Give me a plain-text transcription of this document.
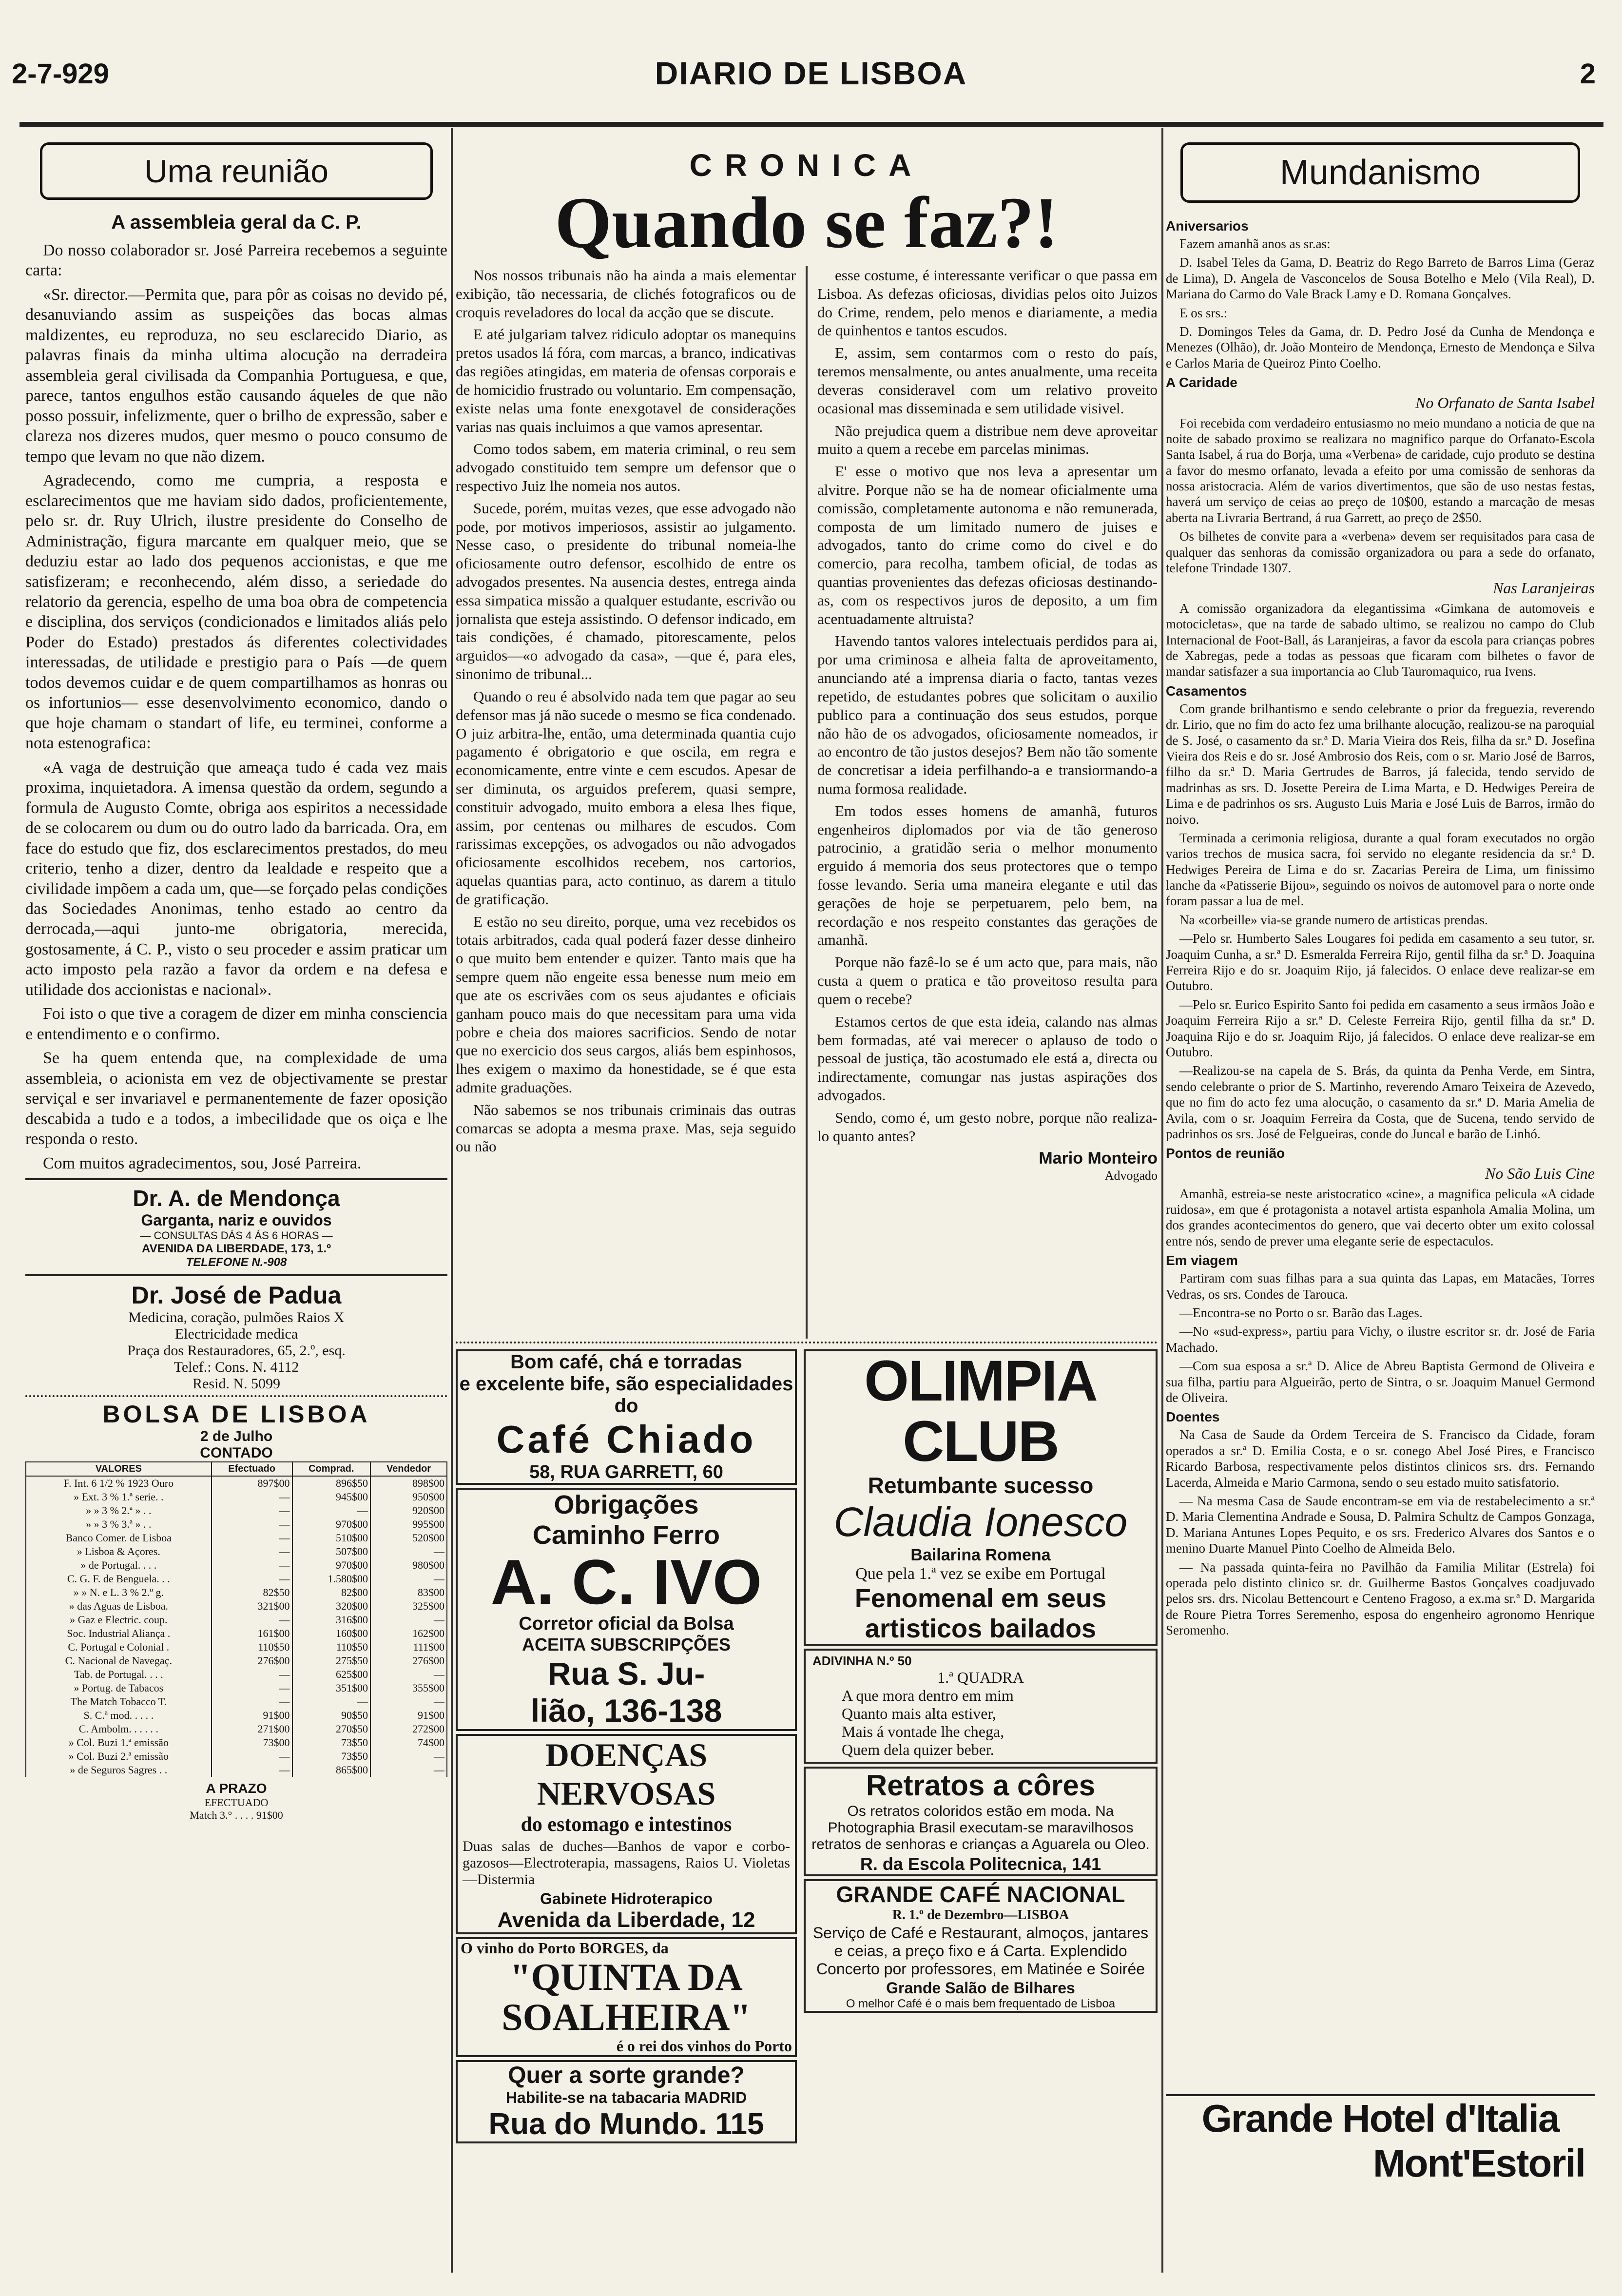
2-7-929	DIARIO DE LISBOA	2
Uma reunião
A assembleia geral da C. P.

Do nosso colaborador sr. José Parreira recebemos a seguinte carta:

«Sr. director.—Permita que, para pôr as coisas no devido pé, desanuviando assim as suspeições das bocas almas maldizentes, eu reproduza, no seu esclarecido Diario, as palavras finais da minha ultima alocução na derradeira assembleia geral civilisada da Companhia Portuguesa, e que, parece, tantos engulhos estão causando áqueles de que não posso possuir, infelizmente, quer o brilho de expressão, saber e clareza nos dizeres mudos, quer mesmo o pouco consumo de tempo que levam no que não dizem.

Agradecendo, como me cumpria, a resposta e esclarecimentos que me haviam sido dados, proficientemente, pelo sr. dr. Ruy Ulrich, ilustre presidente do Conselho de Administração, figura marcante em qualquer meio, que se deduziu estar ao lado dos pequenos accionistas, e que me satisfizeram; e reconhecendo, além disso, a seriedade do relatorio da gerencia, espelho de uma boa obra de competencia e disciplina, dos serviços (condicionados e limitados aliás pelo Poder do Estado) prestados ás diferentes colectividades interessadas, de utilidade e prestigio para o País —de quem todos devemos cuidar e de quem compartilhamos as honras ou os infortunios— esse desenvolvimento economico, dando o que hoje chamam o standart of life, eu terminei, conforme a nota estenografica:

«A vaga de destruição que ameaça tudo é cada vez mais proxima, inquietadora. A imensa questão da ordem, segundo a formula de Augusto Comte, obriga aos espiritos a necessidade de se colocarem ou dum ou do outro lado da barricada. Ora, em face do estudo que fiz, dos esclarecimentos prestados, do meu criterio, tenho a dizer, dentro da lealdade e respeito que a civilidade impõem a cada um, que—se forçado pelas condições das Sociedades Anonimas, tenho estado ao centro da derrocada,—aqui junto-me obrigatoria, merecida, gostosamente, á C. P., visto o seu proceder e assim praticar um acto imposto pela razão a favor da ordem e na defesa e utilidade dos accionistas e nacional».

Foi isto o que tive a coragem de dizer em minha consciencia e entendimento e o confirmo.

Se ha quem entenda que, na complexidade de uma assembleia, o acionista em vez de objectivamente se prestar serviçal e ser invariavel e permanentemente de fazer oposição descabida a tudo e a todos, a imbecilidade que os oiça e lhe responda o resto.

Com muitos agradecimentos, sou, José Parreira.

Dr. A. de Mendonça
Garganta, nariz e ouvidos
— CONSULTAS DÁS 4 ÁS 6 HORAS —
AVENIDA DA LIBERDADE, 173, 1.º
TELEFONE N.-908
Dr. José de Padua
Medicina, coração, pulmões Raios X
Electricidade medica
Praça dos Restauradores, 65, 2.º, esq.
Telef.: Cons. N. 4112
Resid. N. 5099
BOLSA DE LISBOA
2 de Julho
CONTADO
VALORES	Efectuado	Comprad.	Vendedor
F. Int. 6 1/2 % 1923 Ouro	897$00	896$50	898$00
» Ext. 3 % 1.ª serie. .	—	945$00	950$00
» » 3 % 2.ª » . .	—	—	920$00
» » 3 % 3.ª » . .	—	970$00	995$00
Banco Comer. de Lisboa	—	510$00	520$00
» Lisboa & Açores.	—	507$00	—
» de Portugal. . . .	—	970$00	980$00
C. G. F. de Benguela. . .	—	1.580$00	—
» » N. e L. 3 % 2.º g.	82$50	82$00	83$00
» das Aguas de Lisboa.	321$00	320$00	325$00
» Gaz e Electric. coup.	—	316$00	—
Soc. Industrial Aliança .	161$00	160$00	162$00
C. Portugal e Colonial .	110$50	110$50	111$00
C. Nacional de Navegaç.	276$00	275$50	276$00
Tab. de Portugal. . . .	—	625$00	—
» Portug. de Tabacos	—	351$00	355$00
The Match Tobacco T.	—	—	—
S. C.ª mod. . . . .	91$00	90$50	91$00
C. Ambolm. . . . . .	271$00	270$50	272$00
» Col. Buzi 1.ª emissão	73$00	73$50	74$00
» Col. Buzi 2.ª emissão	—	73$50	—
» de Seguros Sagres . .	—	865$00	—
A PRAZO
EFECTUADO
Match 3.° . . . . 91$00
CRONICA
Quando se faz?!

Nos nossos tribunais não ha ainda a mais elementar exibição, tão necessaria, de clichés fotograficos ou de croquis reveladores do local da acção que se discute.

E até julgariam talvez ridiculo adoptar os manequins pretos usados lá fóra, com marcas, a branco, indicativas das regiões atingidas, em materia de ofensas corporais e de homicidio frustrado ou voluntario. Em compensação, existe nelas uma fonte enexgotavel de considerações varias nas quais incluimos a que vamos apresentar.

Como todos sabem, em materia criminal, o reu sem advogado constituido tem sempre um defensor que o respectivo Juiz lhe nomeia nos autos.

Sucede, porém, muitas vezes, que esse advogado não pode, por motivos imperiosos, assistir ao julgamento. Nesse caso, o presidente do tribunal nomeia-lhe oficiosamente outro defensor, escolhido de entre os advogados presentes. Na ausencia destes, entrega ainda essa simpatica missão a qualquer estudante, escrivão ou jornalista que esteja assistindo. O defensor indicado, em tais condições, é chamado, pitorescamente, pelos arguidos—«o advogado da casa», —que é, para eles, sinonimo de tribunal...

Quando o reu é absolvido nada tem que pagar ao seu defensor mas já não sucede o mesmo se fica condenado. O juiz arbitra-lhe, então, uma determinada quantia cujo pagamento é obrigatorio e que oscila, em regra e economicamente, entre vinte e cem escudos. Apesar de ser diminuta, os arguidos preferem, quasi sempre, constituir advogado, muito embora a elesa lhes fique, assim, por centenas ou milhares de escudos. Com rarissimas excepções, os advogados ou não advogados oficiosamente escolhidos recebem, nos cartorios, aquelas quantias para, acto continuo, as darem a titulo de gratificação.

E estão no seu direito, porque, uma vez recebidos os totais arbitrados, cada qual poderá fazer desse dinheiro o que muito bem entender e quizer. Tanto mais que ha sempre quem não engeite essa benesse num meio em que ate os escrivães com os seus ajudantes e oficiais ganham pouco mais do que necessitam para uma vida pobre e cheia dos maiores sacrificios. Sendo de notar que no exercicio dos seus cargos, aliás bem espinhosos, lhes exigem o maximo da honestidade, se é que esta admite graduações.

Não sabemos se nos tribunais criminais das outras comarcas se adopta a mesma praxe. Mas, seja seguido ou não

esse costume, é interessante verificar o que passa em Lisboa. As defezas oficiosas, dividias pelos oito Juizos do Crime, rendem, pelo menos e diariamente, a media de quinhentos e tantos escudos.

E, assim, sem contarmos com o resto do país, teremos mensalmente, ou antes anualmente, uma receita deveras consideravel com um relativo proveito ocasional mas disseminada e sem utilidade visivel.

Não prejudica quem a distribue nem deve aproveitar muito a quem a recebe em parcelas minimas.

E' esse o motivo que nos leva a apresentar um alvitre. Porque não se ha de nomear oficialmente uma comissão, completamente autonoma e não remunerada, composta de um limitado numero de juises e advogados, tanto do crime como do civel e do comercio, para recolha, tambem oficial, de todas as quantias provenientes das defezas oficiosas destinando-as, com os respectivos juros de deposito, a um fim acentuadamente altruista?

Havendo tantos valores intelectuais perdidos para ai, por uma criminosa e alheia falta de aproveitamento, anunciando até a imprensa diaria o facto, tantas vezes repetido, de estudantes pobres que solicitam o auxilio publico para a continuação dos seus estudos, porque não hão de os advogados, oficiosamente nomeados, ir ao encontro de tão justos desejos? Bem não tão somente de concretisar a ideia perfilhando-a e transiormando-a numa formosa realidade.

Em todos esses homens de amanhã, futuros engenheiros diplomados por via de tão generoso patrocinio, a gratidão seria o melhor monumento erguido á memoria dos seus protectores que o tempo fosse levando. Seria uma maneira elegante e util das gerações de hoje se perpetuarem, pelo bem, na recordação e nos respeito constantes das gerações de amanhã.

Porque não fazê-lo se é um acto que, para mais, não custa a quem o pratica e tão proveitoso resulta para quem o recebe?

Estamos certos de que esta ideia, calando nas almas bem formadas, até vai merecer o aplauso de todo o pessoal de justiça, tão acostumado ele está a, directa ou indirectamente, comungar nas justas aspirações dos advogados.

Sendo, como é, um gesto nobre, porque não realiza-lo quanto antes?

Mario Monteiro
Advogado
Bom café, chá e torradas
e excelente bife, são especialidades do
Café Chiado
58, RUA GARRETT, 60
Obrigações
Caminho Ferro
A. C. IVO
Corretor oficial da Bolsa
ACEITA SUBSCRIPÇÕES
Rua S. Ju-
lião, 136-138
DOENÇAS NERVOSAS
do estomago e intestinos
Duas salas de duches—Banhos de vapor e corbo-gazosos—Electroterapia, massagens, Raios U. Violetas—Distermia
Gabinete Hidroterapico
Avenida da Liberdade, 12
O vinho do Porto BORGES, da
"QUINTA DA SOALHEIRA"
é o rei dos vinhos do Porto
Quer a sorte grande?
Habilite-se na tabacaria MADRID
Rua do Mundo. 115
OLIMPIA CLUB
Retumbante sucesso
Claudia Ionesco
Bailarina Romena
Que pela 1.ª vez se exibe em Portugal
Fenomenal em seus
artisticos bailados
ADIVINHA N.º 50
1.ª QUADRA
A que mora dentro em mim
Quanto mais alta estiver,
Mais á vontade lhe chega,
Quem dela quizer beber.
Retratos a côres
Os retratos coloridos estão em moda. Na Photographia Brasil executam-se maravilhosos retratos de senhoras e crianças a Aguarela ou Oleo.
R. da Escola Politecnica, 141
GRANDE CAFÉ NACIONAL
R. 1.º de Dezembro—LISBOA
Serviço de Café e Restaurant, almoços, jantares e ceias, a preço fixo e á Carta. Explendido Concerto por professores, em Matinée e Soirée
Grande Salão de Bilhares
O melhor Café é o mais bem frequentado de Lisboa
Mundanismo
Aniversarios

Fazem amanhã anos as sr.as:

D. Isabel Teles da Gama, D. Beatriz do Rego Barreto de Barros Lima (Geraz de Lima), D. Angela de Vasconcelos de Sousa Botelho e Melo (Vila Real), D. Mariana do Carmo do Vale Brack Lamy e D. Romana Gonçalves.

E os srs.:

D. Domingos Teles da Gama, dr. D. Pedro José da Cunha de Mendonça e Menezes (Olhão), dr. João Monteiro de Mendonça, Ernesto de Mendonça e Silva e Carlos Maria de Queiroz Pinto Coelho.

A Caridade
No Orfanato de Santa Isabel

Foi recebida com verdadeiro entusiasmo no meio mundano a noticia de que na noite de sabado proximo se realizara no magnifico parque do Orfanato-Escola Santa Isabel, á rua do Borja, uma «Verbena» de caridade, cujo produto se destina a favor do mesmo orfanato, levada a efeito por uma comissão de senhoras da nossa aristocracia. Além de varios divertimentos, que são de uso nestas festas, haverá um serviço de ceias ao preço de 10$00, estando a marcação de mesas aberta na Livraria Bertrand, á rua Garrett, ao preço de 2$50.

Os bilhetes de convite para a «verbena» devem ser requisitados para casa de qualquer das senhoras da comissão organizadora ou para a sede do orfanato, telefone Trindade 1307.

Nas Laranjeiras

A comissão organizadora da elegantissima «Gimkana de automoveis e motocicletas», que na tarde de sabado ultimo, se realizou no campo do Club Internacional de Foot-Ball, ás Laranjeiras, a favor da escola para crianças pobres de Xabregas, pede a todas as pessoas que ficaram com bilhetes o favor de mandar satisfazer a sua importancia ao Club Tauromaquico, rua Ivens.

Casamentos

Com grande brilhantismo e sendo celebrante o prior da freguezia, reverendo dr. Lirio, que no fim do acto fez uma brilhante alocução, realizou-se na paroquial de S. José, o casamento da sr.ª D. Maria Vieira dos Reis, filha da sr.ª D. Josefina Vieira dos Reis e do sr. José Ambrosio dos Reis, com o sr. Mario José de Barros, filho da sr.ª D. Maria Gertrudes de Barros, já falecida, tendo servido de madrinhas as srs. D. Josette Pereira de Lima Marta, e D. Hedwiges Pereira de Lima e de padrinhos os srs. Augusto Luis Maria e José Luis de Barros, irmão do noivo.

Terminada a cerimonia religiosa, durante a qual foram executados no orgão varios trechos de musica sacra, foi servido no elegante residencia da sr.ª D. Hedwiges Pereira de Lima e do sr. Zacarias Pereira de Lima, um finissimo lanche da «Patisserie Bijou», seguindo os noivos de automovel para o norte onde foram passar a lua de mel.

Na «corbeille» via-se grande numero de artisticas prendas.

—Pelo sr. Humberto Sales Lougares foi pedida em casamento a seu tutor, sr. Joaquim Cunha, a sr.ª D. Esmeralda Ferreira Rijo, gentil filha da sr.ª D. Joaquina Ferreira Rijo e do sr. Joaquim Rijo, já falecidos. O enlace deve realizar-se em Outubro.

—Pelo sr. Eurico Espirito Santo foi pedida em casamento a seus irmãos João e Joaquim Ferreira Rijo a sr.ª D. Celeste Ferreira Rijo, gentil filha da sr.ª D. Joaquina Rijo e do sr. Joaquim Rijo, já falecidos. O enlace deve realizar-se em Outubro.

—Realizou-se na capela de S. Brás, da quinta da Penha Verde, em Sintra, sendo celebrante o prior de S. Martinho, reverendo Amaro Teixeira de Azevedo, que no fim do acto fez uma alocução, o casamento da sr.ª D. Maria Amelia de Avila, com o sr. Joaquim Ferreira da Costa, que de Sucena, tendo servido de padrinhos os srs. José de Felgueiras, conde do Juncal e barão de Linhó.

Pontos de reunião
No São Luis Cine

Amanhã, estreia-se neste aristocratico «cine», a magnifica pelicula «A cidade ruidosa», em que é protagonista a notavel artista espanhola Amalia Molina, um dos grandes acontecimentos do genero, que vai decerto obter um exito colossal entre nós, sendo de prever uma elegante serie de espectaculos.

Em viagem

Partiram com suas filhas para a sua quinta das Lapas, em Matacães, Torres Vedras, os srs. Condes de Tarouca.

—Encontra-se no Porto o sr. Barão das Lages.

—No «sud-express», partiu para Vichy, o ilustre escritor sr. dr. José de Faria Machado.

—Com sua esposa a sr.ª D. Alice de Abreu Baptista Germond de Oliveira e sua filha, partiu para Algueirão, perto de Sintra, o sr. Joaquim Manuel Germond de Oliveira.

Doentes

Na Casa de Saude da Ordem Terceira de S. Francisco da Cidade, foram operados a sr.ª D. Emilia Costa, e o sr. conego Abel José Pires, e Francisco Ricardo Barbosa, respectivamente pelos distintos clinicos srs. drs. Fernando Lacerda, Almeida e Mario Carmona, sendo o seu estado muito satisfatorio.

— Na mesma Casa de Saude encontram-se em via de restabelecimento a sr.ª D. Maria Clementina Andrade e Sousa, D. Palmira Schultz de Campos Gonzaga, D. Mariana Antunes Lopes Pequito, e os srs. Frederico Alvares dos Santos e o menino Duarte Manuel Pinto Coelho de Almeida Belo.

— Na passada quinta-feira no Pavilhão da Familia Militar (Estrela) foi operada pelo distinto clinico sr. dr. Guilherme Bastos Gonçalves coadjuvado pelos srs. drs. Nicolau Bettencourt e Centeno Fragoso, a ex.ma sr.ª D. Margarida de Roure Pietra Torres Seremenho, esposa do engenheiro agronomo Henrique Seromenho.

Grande Hotel d'Italia
Mont'Estoril
